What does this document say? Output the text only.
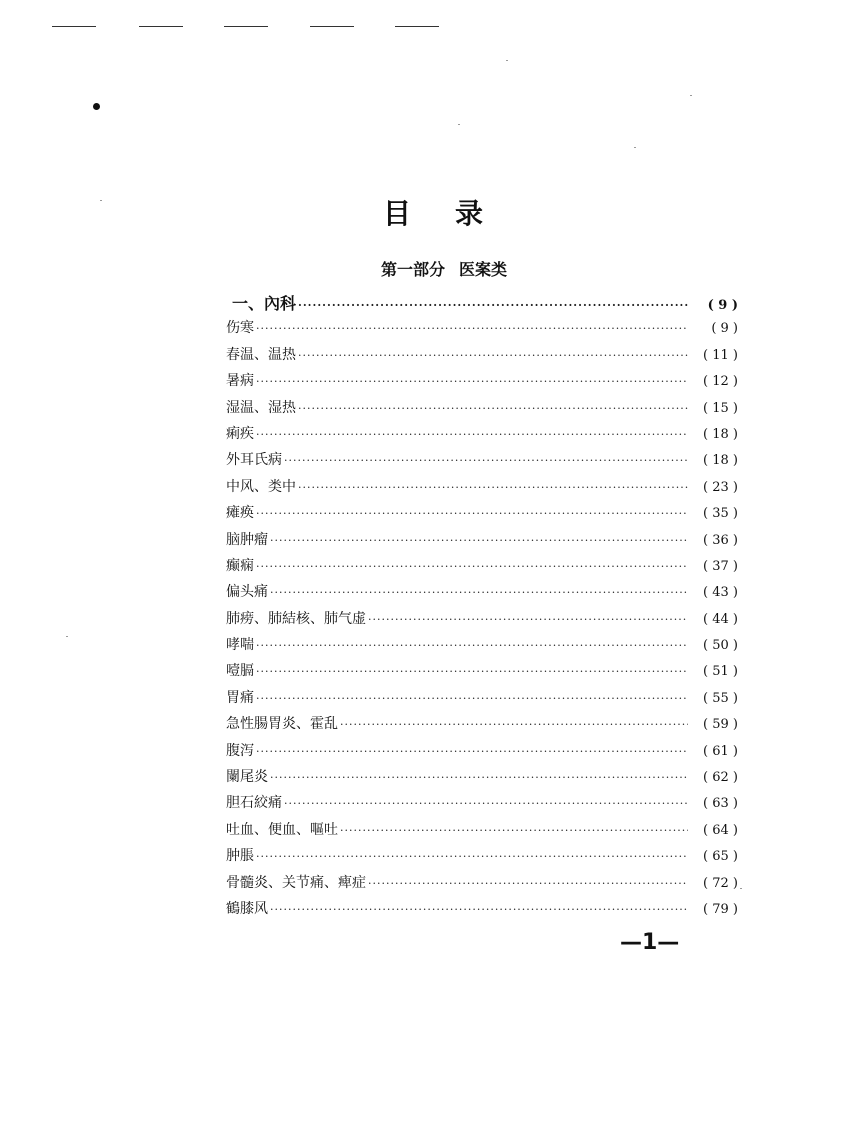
目 录
第一部分 医案类
一、內科 ·····	( 9 )
伤寒 ·····	( 9 )
春温、温热 ·····	( 11 )
暑病 ·····	( 12 )
湿温、湿热 ·····	( 15 )
痢疾 ·····	( 18 )
外耳氏病 ·····	( 18 )
中风、类中 ·····	( 23 )
瘫痪 ·····	( 35 )
脑肿瘤 ·····	( 36 )
癫痫 ·····	( 37 )
偏头痛 ·····	( 43 )
肺痨、肺結核、肺气虚 ·····	( 44 )
哮喘 ·····	( 50 )
噎膈 ·····	( 51 )
胃痛 ·····	( 55 )
急性腸胃炎、霍乱 ·····	( 59 )
腹泻 ·····	( 61 )
闌尾炎 ·····	( 62 )
胆石絞痛 ·····	( 63 )
吐血、便血、嘔吐 ·····	( 64 )
肿脹 ·····	( 65 )
骨髓炎、关节痛、痺症 ·····	( 72 )
鶴膝风 ·····	( 79 )
—1—
